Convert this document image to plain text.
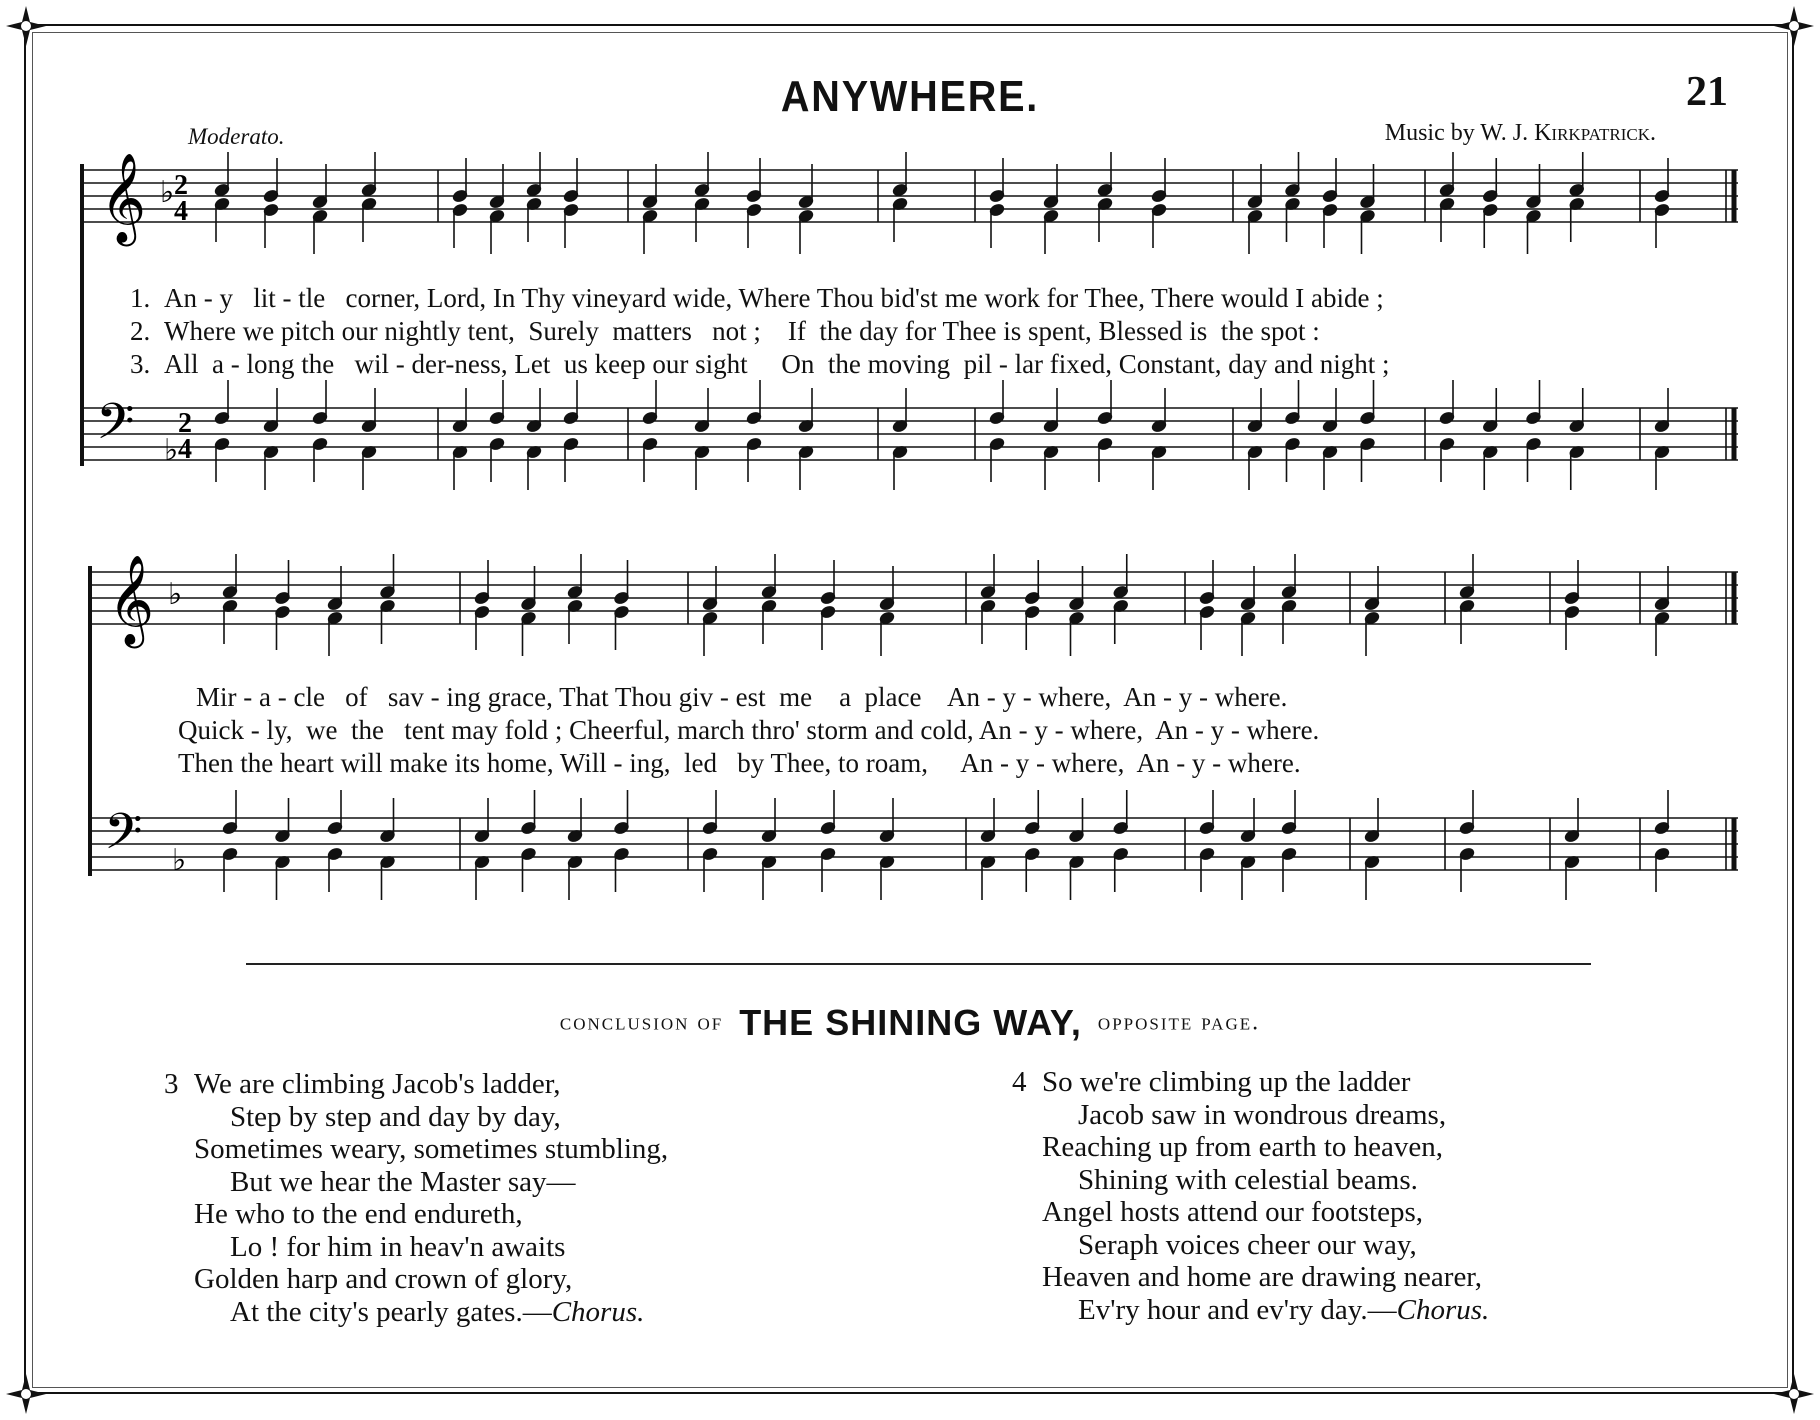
ANYWHERE.	21
Moderato.	Music by W. J. Kirkpatrick.
𝄞
𝄢
♭
♭
2
4
2
4
𝄞
𝄢
♭
♭
1. An - y   lit - tle   corner, Lord, In Thy vineyard wide, Where Thou bid'st me work for Thee, There would I abide ;
2. Where we pitch our nightly tent,  Surely  matters   not ;    If  the day for Thee is spent, Blessed is  the spot :
3. All  a - long the   wil - der-ness, Let  us keep our sight     On  the moving  pil - lar fixed, Constant, day and night ;
Mir - a - cle   of   sav - ing grace, That Thou giv - est  me    a  place    An - y - where,  An - y - where.
Quick - ly,  we  the   tent may fold ; Cheerful, march thro' storm and cold, An - y - where,  An - y - where.
Then the heart will make its home, Will - ing,  led   by Thee, to roam,     An - y - where,  An - y - where.
conclusion of THE SHINING WAY, opposite page.
3 We are climbing Jacob's ladder,
Step by step and day by day,
Sometimes weary, sometimes stumbling,
But we hear the Master say—
He who to the end endureth,
Lo ! for him in heav'n awaits
Golden harp and crown of glory,
At the city's pearly gates.—Chorus.
4 So we're climbing up the ladder
Jacob saw in wondrous dreams,
Reaching up from earth to heaven,
Shining with celestial beams.
Angel hosts attend our footsteps,
Seraph voices cheer our way,
Heaven and home are drawing nearer,
Ev'ry hour and ev'ry day.—Chorus.
